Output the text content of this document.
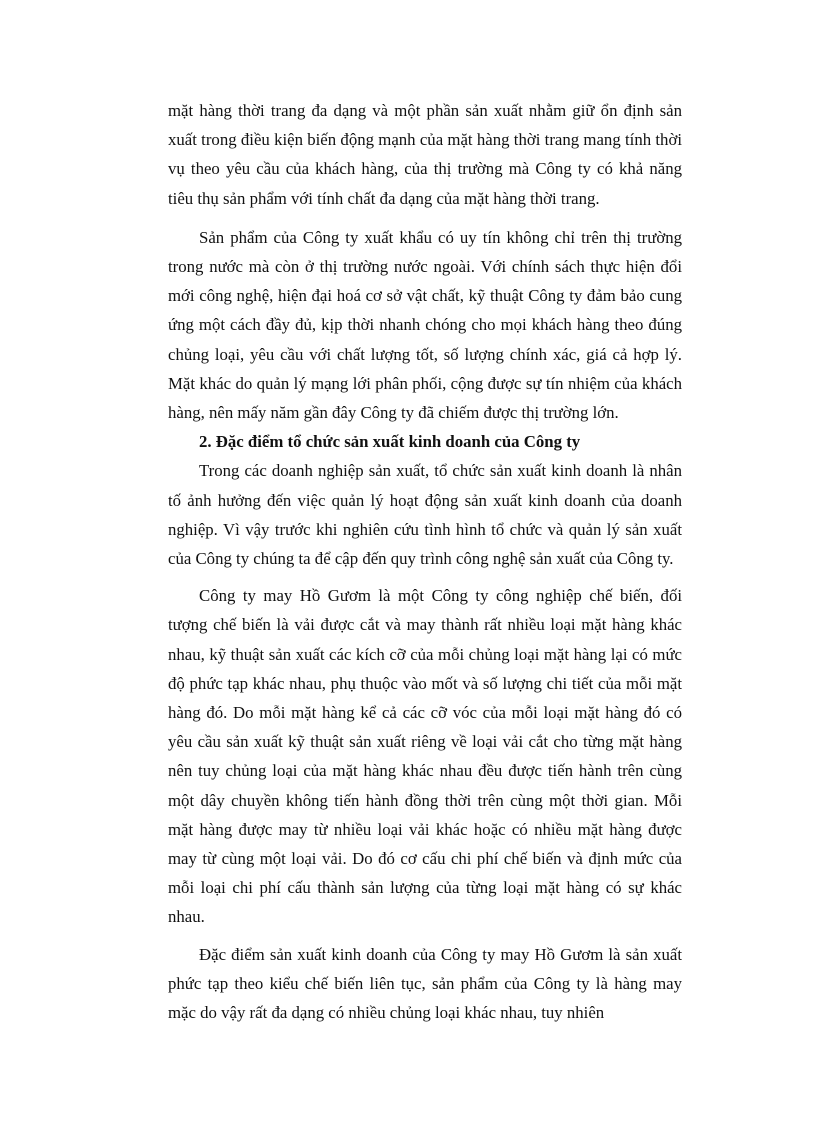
mặt hàng thời trang đa dạng và một phần sản xuất nhằm giữ ổn định sản xuất trong điều kiện biến động mạnh của mặt hàng thời trang mang tính thời vụ theo yêu cầu của khách hàng, của thị trường mà Công ty có khả năng tiêu thụ sản phẩm với tính chất đa dạng của mặt hàng thời trang.

Sản phẩm của Công ty xuất khẩu có uy tín không chỉ trên thị trường trong nước mà còn ở thị trường nước ngoài. Với chính sách thực hiện đổi mới công nghệ, hiện đại hoá cơ sở vật chất, kỹ thuật Công ty đảm bảo cung ứng một cách đầy đủ, kịp thời nhanh chóng cho mọi khách hàng theo đúng chủng loại, yêu cầu với chất lượng tốt, số lượng chính xác, giá cả hợp lý. Mặt khác do quản lý mạng lới phân phối, cộng được sự tín nhiệm của khách hàng, nên mấy năm gần đây Công ty đã chiếm được thị trường lớn.

2. Đặc điểm tổ chức sản xuất kinh doanh của Công ty

Trong các doanh nghiệp sản xuất, tổ chức sản xuất kinh doanh là nhân tố ảnh hưởng đến việc quản lý hoạt động sản xuất kinh doanh của doanh nghiệp. Vì vậy trước khi nghiên cứu tình hình tổ chức và quản lý sản xuất của Công ty chúng ta để cập đến quy trình công nghệ sản xuất của Công ty.

Công ty may Hồ Gươm là một Công ty công nghiệp chế biến, đối tượng chế biến là vải được cắt và may thành rất nhiều loại mặt hàng khác nhau, kỹ thuật sản xuất các kích cỡ của mỗi chủng loại mặt hàng lại có mức độ phức tạp khác nhau, phụ thuộc vào mốt và số lượng chi tiết của mỗi mặt hàng đó. Do mỗi mặt hàng kể cả các cỡ vóc của mỗi loại mặt hàng đó có yêu cầu sản xuất kỹ thuật sản xuất riêng về loại vải cắt cho từng mặt hàng nên tuy chủng loại của mặt hàng khác nhau đều được tiến hành trên cùng một dây chuyền không tiến hành đồng thời trên cùng một thời gian. Mỗi mặt hàng được may từ nhiều loại vải khác hoặc có nhiều mặt hàng được may từ cùng một loại vải. Do đó cơ cấu chi phí chế biến và định mức của mỗi loại chi phí cấu thành sản lượng của từng loại mặt hàng có sự khác nhau.

Đặc điểm sản xuất kinh doanh của Công ty may Hồ Gươm là sản xuất phức tạp theo kiểu chế biến liên tục, sản phẩm của Công ty là hàng may mặc do vậy rất đa dạng có nhiều chủng loại khác nhau, tuy nhiên
